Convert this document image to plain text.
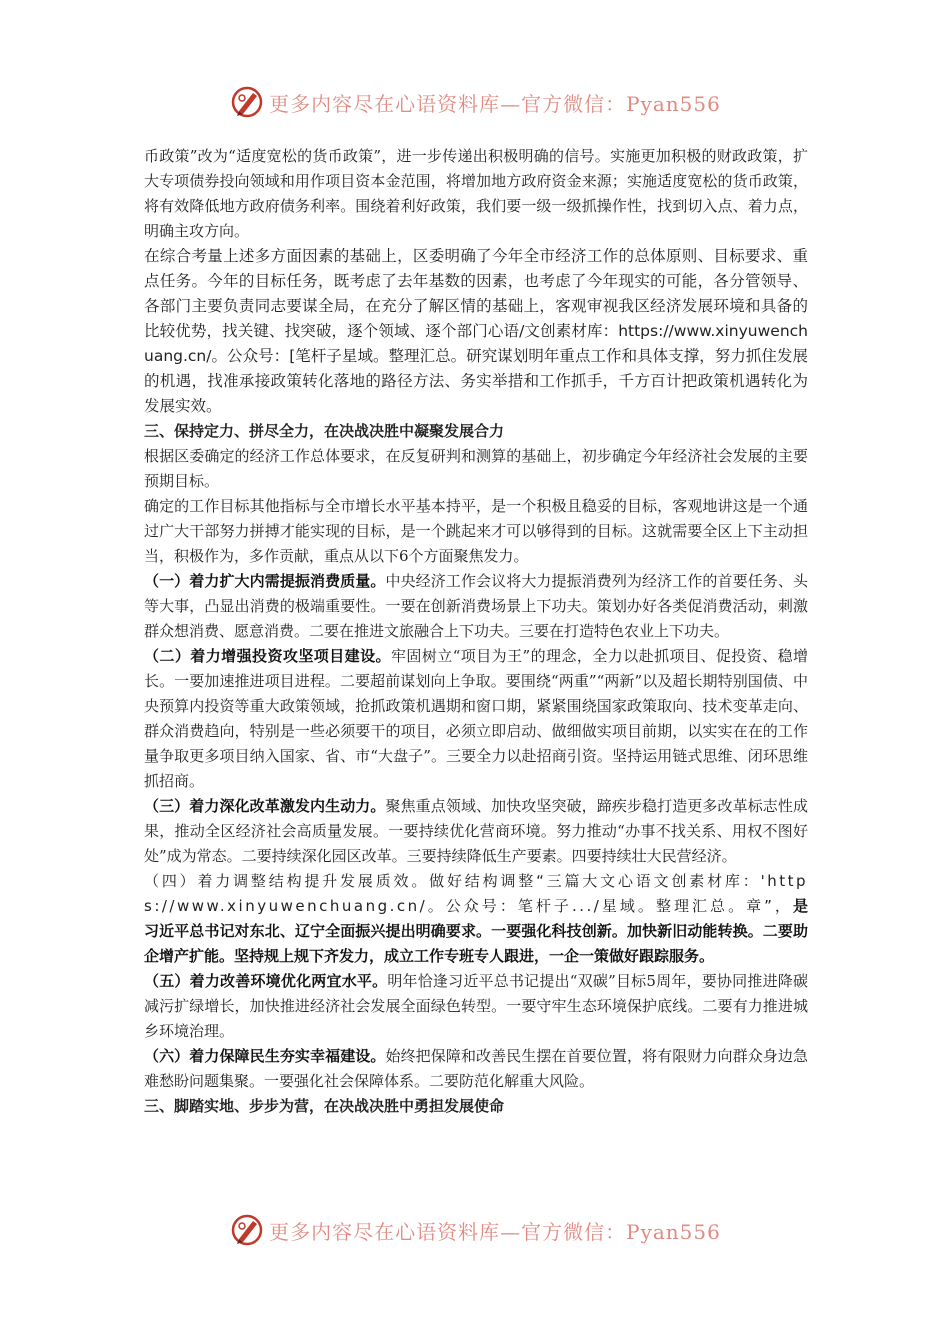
更多内容尽在心语资料库—官方微信：Pyan556

币政策”改为“适度宽松的货币政策”，进一步传递出积极明确的信号。实施更加积极的财政政策，扩大专项债券投向领域和用作项目资本金范围，将增加地方政府资金来源；实施适度宽松的货币政策，将有效降低地方政府债务利率。围绕着利好政策，我们要一级一级抓操作性，找到切入点、着力点，明确主攻方向。

在综合考量上述多方面因素的基础上，区委明确了今年全市经济工作的总体原则、目标要求、重点任务。今年的目标任务，既考虑了去年基数的因素，也考虑了今年现实的可能，各分管领导、各部门主要负责同志要谋全局，在充分了解区情的基础上，客观审视我区经济发展环境和具备的比较优势，找关键、找突破，逐个领域、逐个部门心语/文创素材库：https://www.xinyuwenchuang.cn/。公众号：[笔杆子星域。整理汇总。研究谋划明年重点工作和具体支撑，努力抓住发展的机遇，找准承接政策转化落地的路径方法、务实举措和工作抓手，千方百计把政策机遇转化为发展实效。

三、保持定力、拼尽全力，在决战决胜中凝聚发展合力

根据区委确定的经济工作总体要求，在反复研判和测算的基础上，初步确定今年经济社会发展的主要预期目标。

确定的工作目标其他指标与全市增长水平基本持平，是一个积极且稳妥的目标，客观地讲这是一个通过广大干部努力拼搏才能实现的目标，是一个跳起来才可以够得到的目标。这就需要全区上下主动担当，积极作为，多作贡献，重点从以下6个方面聚焦发力。

（一）着力扩大内需提振消费质量。中央经济工作会议将大力提振消费列为经济工作的首要任务、头等大事，凸显出消费的极端重要性。一要在创新消费场景上下功夫。策划办好各类促消费活动，刺激群众想消费、愿意消费。二要在推进文旅融合上下功夫。三要在打造特色农业上下功夫。

（二）着力增强投资攻坚项目建设。牢固树立“项目为王”的理念，全力以赴抓项目、促投资、稳增长。一要加速推进项目进程。二要超前谋划向上争取。要围绕“两重”“两新”以及超长期特别国债、中央预算内投资等重大政策领域，抢抓政策机遇期和窗口期，紧紧围绕国家政策取向、技术变革走向、群众消费趋向，特别是一些必须要干的项目，必须立即启动、做细做实项目前期，以实实在在的工作量争取更多项目纳入国家、省、市“大盘子”。三要全力以赴招商引资。坚持运用链式思维、闭环思维抓招商。

（三）着力深化改革激发内生动力。聚焦重点领域、加快攻坚突破，蹄疾步稳打造更多改革标志性成果，推动全区经济社会高质量发展。一要持续优化营商环境。努力推动“办事不找关系、用权不图好处”成为常态。二要持续深化园区改革。三要持续降低生产要素。四要持续壮大民营经济。

（四）着力调整结构提升发展质效。做好结构调整“三篇大文心语文创素材库：'https://www.xinyuwenchuang.cn/。公众号：笔杆子.../星域。整理汇总。章”，是习近平总书记对东北、辽宁全面振兴提出明确要求。一要强化科技创新。加快新旧动能转换。二要助企增产扩能。坚持规上规下齐发力，成立工作专班专人跟进，一企一策做好跟踪服务。

（五）着力改善环境优化两宜水平。明年恰逢习近平总书记提出“双碳”目标5周年，要协同推进降碳减污扩绿增长，加快推进经济社会发展全面绿色转型。一要守牢生态环境保护底线。二要有力推进城乡环境治理。

（六）着力保障民生夯实幸福建设。始终把保障和改善民生摆在首要位置，将有限财力向群众身边急难愁盼问题集聚。一要强化社会保障体系。二要防范化解重大风险。

三、脚踏实地、步步为营，在决战决胜中勇担发展使命

更多内容尽在心语资料库—官方微信：Pyan556
